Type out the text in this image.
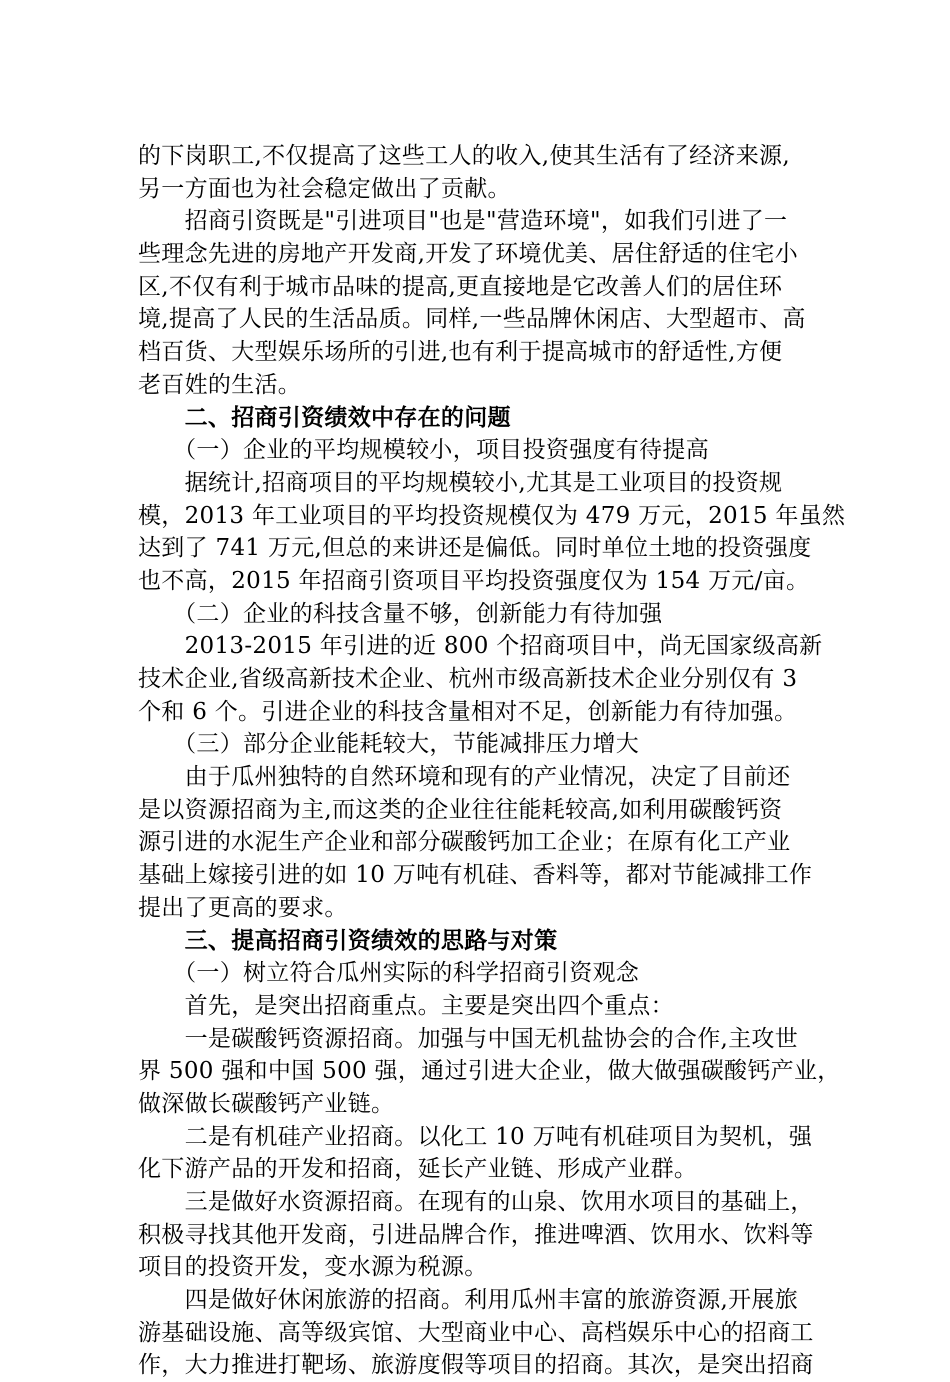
的下岗职工,不仅提高了这些工人的收入,使其生活有了经济来源,
另一方面也为社会稳定做出了贡献。
　　招商引资既是"引进项目"也是"营造环境"，如我们引进了一
些理念先进的房地产开发商,开发了环境优美、居住舒适的住宅小
区,不仅有利于城市品味的提高,更直接地是它改善人们的居住环
境,提高了人民的生活品质。同样,一些品牌休闲店、大型超市、高
档百货、大型娱乐场所的引进,也有利于提高城市的舒适性,方便
老百姓的生活。
　　二、招商引资绩效中存在的问题
　　（一）企业的平均规模较小，项目投资强度有待提高
　　据统计,招商项目的平均规模较小,尤其是工业项目的投资规
模，2013 年工业项目的平均投资规模仅为 479 万元，2015 年虽然
达到了 741 万元,但总的来讲还是偏低。同时单位土地的投资强度
也不高，2015 年招商引资项目平均投资强度仅为 154 万元/亩。
　　（二）企业的科技含量不够，创新能力有待加强
　　2013-2015 年引进的近 800 个招商项目中，尚无国家级高新
技术企业,省级高新技术企业、杭州市级高新技术企业分别仅有 3
个和 6 个。引进企业的科技含量相对不足，创新能力有待加强。
　　（三）部分企业能耗较大，节能减排压力增大
　　由于瓜州独特的自然环境和现有的产业情况，决定了目前还
是以资源招商为主,而这类的企业往往能耗较高,如利用碳酸钙资
源引进的水泥生产企业和部分碳酸钙加工企业；在原有化工产业
基础上嫁接引进的如 10 万吨有机硅、香料等，都对节能减排工作
提出了更高的要求。
　　三、提高招商引资绩效的思路与对策
　　（一）树立符合瓜州实际的科学招商引资观念
　　首先，是突出招商重点。主要是突出四个重点：
　　一是碳酸钙资源招商。加强与中国无机盐协会的合作,主攻世
界 500 强和中国 500 强，通过引进大企业，做大做强碳酸钙产业，
做深做长碳酸钙产业链。
　　二是有机硅产业招商。以化工 10 万吨有机硅项目为契机，强
化下游产品的开发和招商，延长产业链、形成产业群。
　　三是做好水资源招商。在现有的山泉、饮用水项目的基础上，
积极寻找其他开发商，引进品牌合作，推进啤酒、饮用水、饮料等
项目的投资开发，变水源为税源。
　　四是做好休闲旅游的招商。利用瓜州丰富的旅游资源,开展旅
游基础设施、高等级宾馆、大型商业中心、高档娱乐中心的招商工
作，大力推进打靶场、旅游度假等项目的招商。其次，是突出招商
